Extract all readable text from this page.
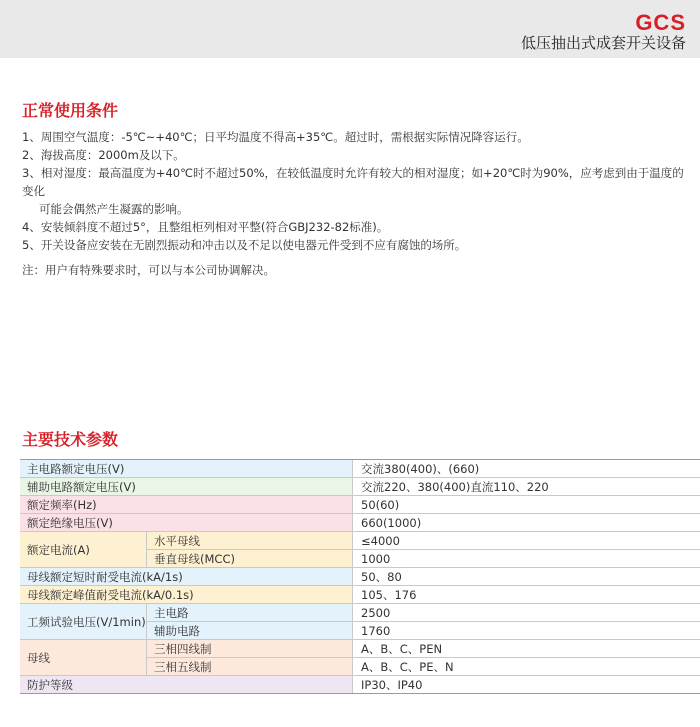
GCS
低压抽出式成套开关设备
正常使用条件
1、周围空气温度：-5℃~+40℃；日平均温度不得高+35℃。超过时，需根据实际情况降容运行。
2、海拔高度：2000m及以下。
3、相对湿度：最高温度为+40℃时不超过50%，在较低温度时允许有较大的相对湿度；如+20℃时为90%，应考虑到由于温度的变化
可能会偶然产生凝露的影响。
4、安装倾斜度不超过5°，且整组柜列相对平整(符合GBJ232-82标准)。
5、开关设备应安装在无剧烈振动和冲击以及不足以使电器元件受到不应有腐蚀的场所。
注：用户有特殊要求时，可以与本公司协调解决。
主要技术参数
主电路额定电压(V)		交流380(400)、(660)
辅助电路额定电压(V)		交流220、380(400)直流110、220
额定频率(Hz)		50(60)
额定绝缘电压(V)		660(1000)
额定电流(A)	水平母线	≤4000
	垂直母线(MCC)	1000
母线额定短时耐受电流(kA/1s)		50、80
母线额定峰值耐受电流(kA/0.1s)		105、176
工频试验电压(V/1min)	主电路	2500
	辅助电路	1760
母线	三相四线制	A、B、C、PEN
	三相五线制	A、B、C、PE、N
防护等级		IP30、IP40
